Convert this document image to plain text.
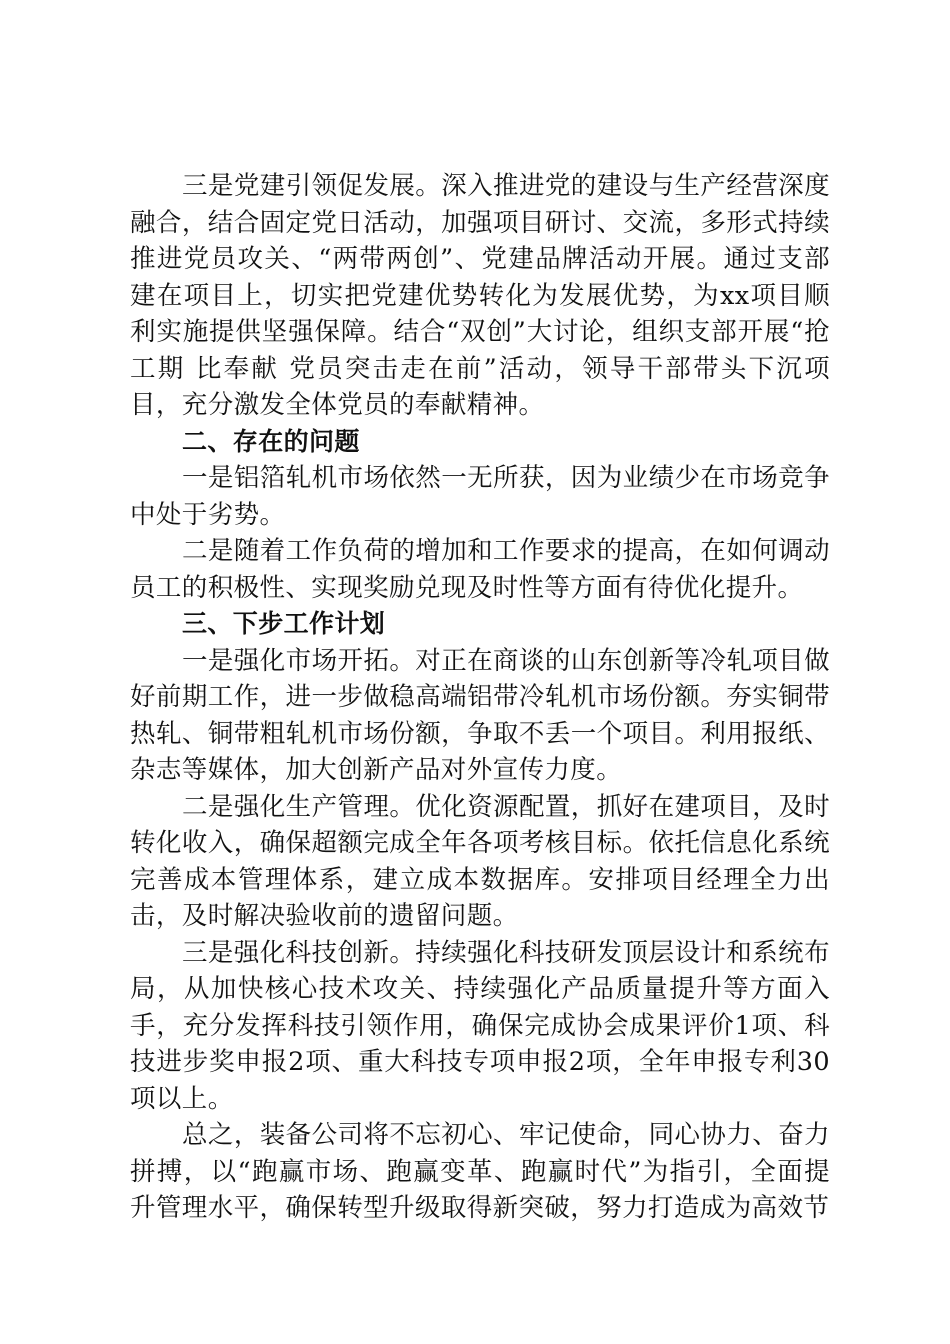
三是党建引领促发展。深入推进党的建设与生产经营深度融合，结合固定党日活动，加强项目研讨、交流，多形式持续推进党员攻关、“两带两创”、党建品牌活动开展。通过支部建在项目上，切实把党建优势转化为发展优势，为xx项目顺利实施提供坚强保障。结合“双创”大讨论，组织支部开展“抢工期 比奉献 党员突击走在前”活动，领导干部带头下沉项目，充分激发全体党员的奉献精神。

二、存在的问题

一是铝箔轧机市场依然一无所获，因为业绩少在市场竞争中处于劣势。

二是随着工作负荷的增加和工作要求的提高，在如何调动员工的积极性、实现奖励兑现及时性等方面有待优化提升。

三、下步工作计划

一是强化市场开拓。对正在商谈的山东创新等冷轧项目做好前期工作，进一步做稳高端铝带冷轧机市场份额。夯实铜带热轧、铜带粗轧机市场份额，争取不丢一个项目。利用报纸、杂志等媒体，加大创新产品对外宣传力度。

二是强化生产管理。优化资源配置，抓好在建项目，及时转化收入，确保超额完成全年各项考核目标。依托信息化系统完善成本管理体系，建立成本数据库。安排项目经理全力出击，及时解决验收前的遗留问题。

三是强化科技创新。持续强化科技研发顶层设计和系统布局，从加快核心技术攻关、持续强化产品质量提升等方面入手，充分发挥科技引领作用，确保完成协会成果评价1项、科技进步奖申报2项、重大科技专项申报2项，全年申报专利30项以上。

总之，装备公司将不忘初心、牢记使命，同心协力、奋力拼搏，以“跑赢市场、跑赢变革、跑赢时代”为指引，全面提升管理水平，确保转型升级取得新突破，努力打造成为高效节
